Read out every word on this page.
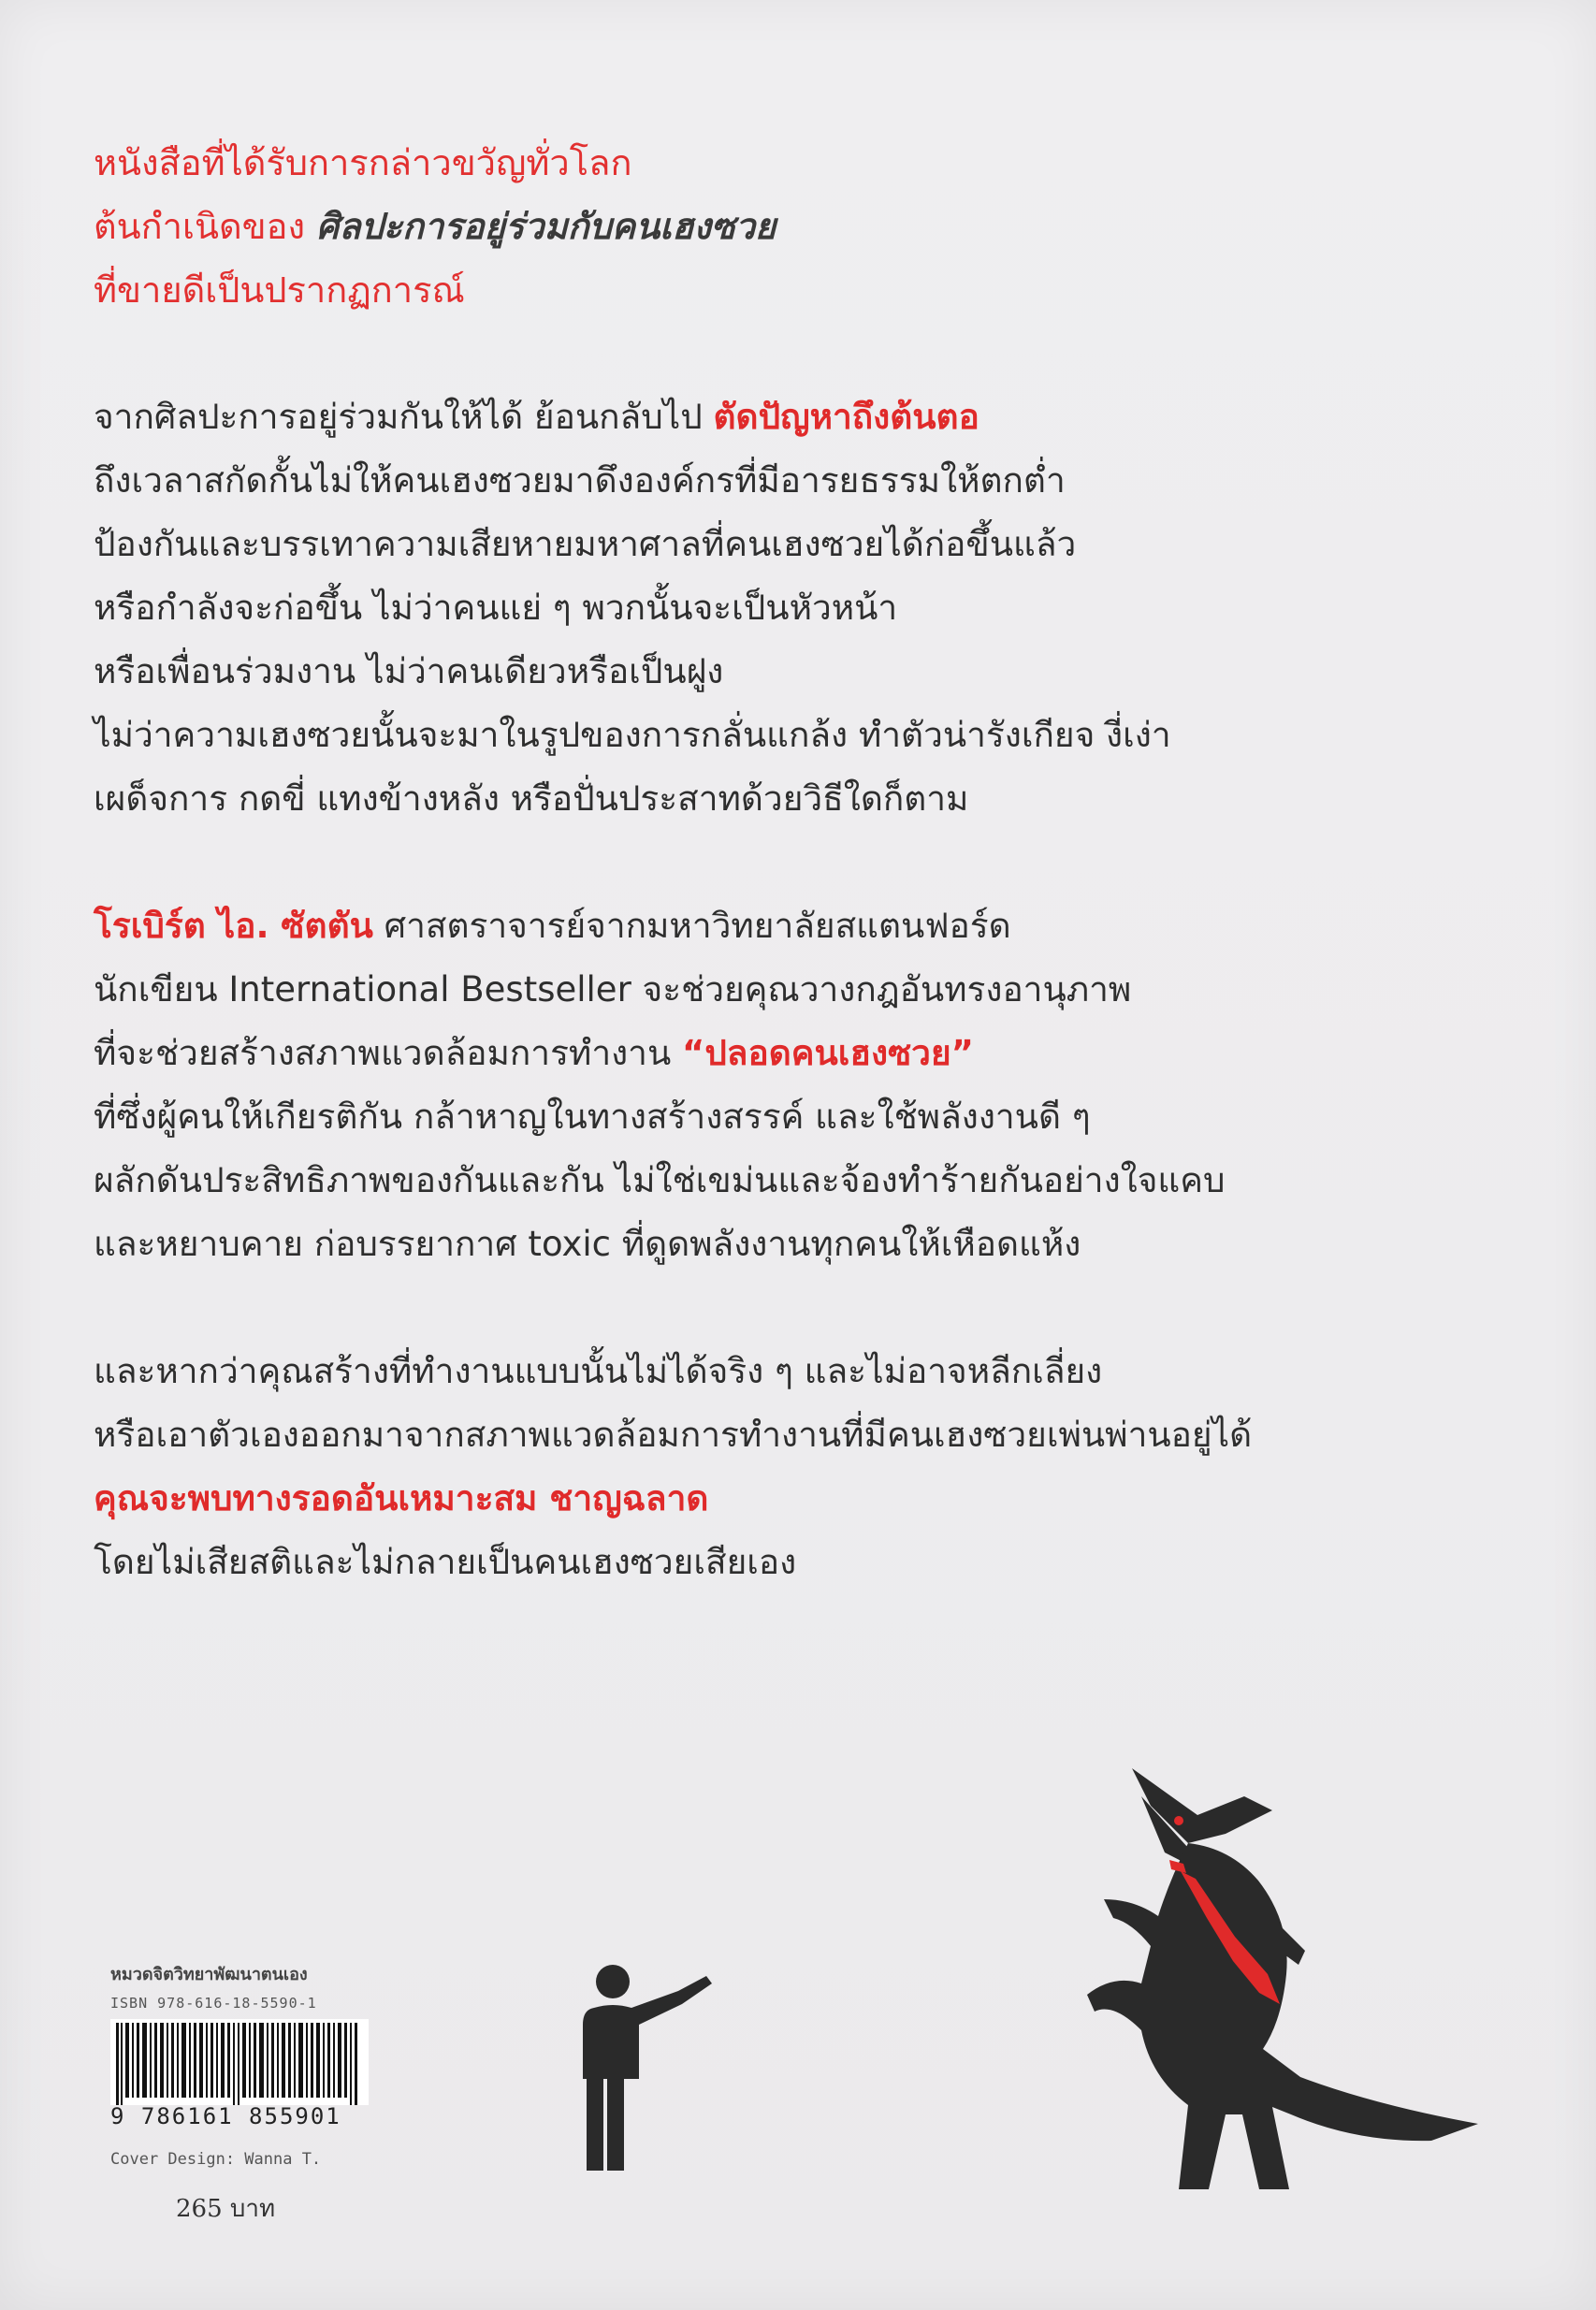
หนังสือที่ได้รับการกล่าวขวัญทั่วโลก
ต้นกำเนิดของ ศิลปะการอยู่ร่วมกับคนเฮงซวย
ที่ขายดีเป็นปรากฏการณ์
จากศิลปะการอยู่ร่วมกันให้ได้ ย้อนกลับไป ตัดปัญหาถึงต้นตอ
ถึงเวลาสกัดกั้นไม่ให้คนเฮงซวยมาดึงองค์กรที่มีอารยธรรมให้ตกต่ำ
ป้องกันและบรรเทาความเสียหายมหาศาลที่คนเฮงซวยได้ก่อขึ้นแล้ว
หรือกำลังจะก่อขึ้น ไม่ว่าคนแย่ ๆ พวกนั้นจะเป็นหัวหน้า
หรือเพื่อนร่วมงาน ไม่ว่าคนเดียวหรือเป็นฝูง
ไม่ว่าความเฮงซวยนั้นจะมาในรูปของการกลั่นแกล้ง ทำตัวน่ารังเกียจ งี่เง่า
เผด็จการ กดขี่ แทงข้างหลัง หรือปั่นประสาทด้วยวิธีใดก็ตาม
โรเบิร์ต ไอ. ซัตตัน ศาสตราจารย์จากมหาวิทยาลัยสแตนฟอร์ด
นักเขียน International Bestseller จะช่วยคุณวางกฎอันทรงอานุภาพ
ที่จะช่วยสร้างสภาพแวดล้อมการทำงาน “ปลอดคนเฮงซวย”
ที่ซึ่งผู้คนให้เกียรติกัน กล้าหาญในทางสร้างสรรค์ และใช้พลังงานดี ๆ
ผลักดันประสิทธิภาพของกันและกัน ไม่ใช่เขม่นและจ้องทำร้ายกันอย่างใจแคบ
และหยาบคาย ก่อบรรยากาศ toxic ที่ดูดพลังงานทุกคนให้เหือดแห้ง
และหากว่าคุณสร้างที่ทำงานแบบนั้นไม่ได้จริง ๆ และไม่อาจหลีกเลี่ยง
หรือเอาตัวเองออกมาจากสภาพแวดล้อมการทำงานที่มีคนเฮงซวยเพ่นพ่านอยู่ได้
คุณจะพบทางรอดอันเหมาะสม ชาญฉลาด
โดยไม่เสียสติและไม่กลายเป็นคนเฮงซวยเสียเอง
หมวดจิตวิทยาพัฒนาตนเอง
ISBN 978-616-18-5590-1
9 786161 855901
Cover Design: Wanna T.
265 บาท
